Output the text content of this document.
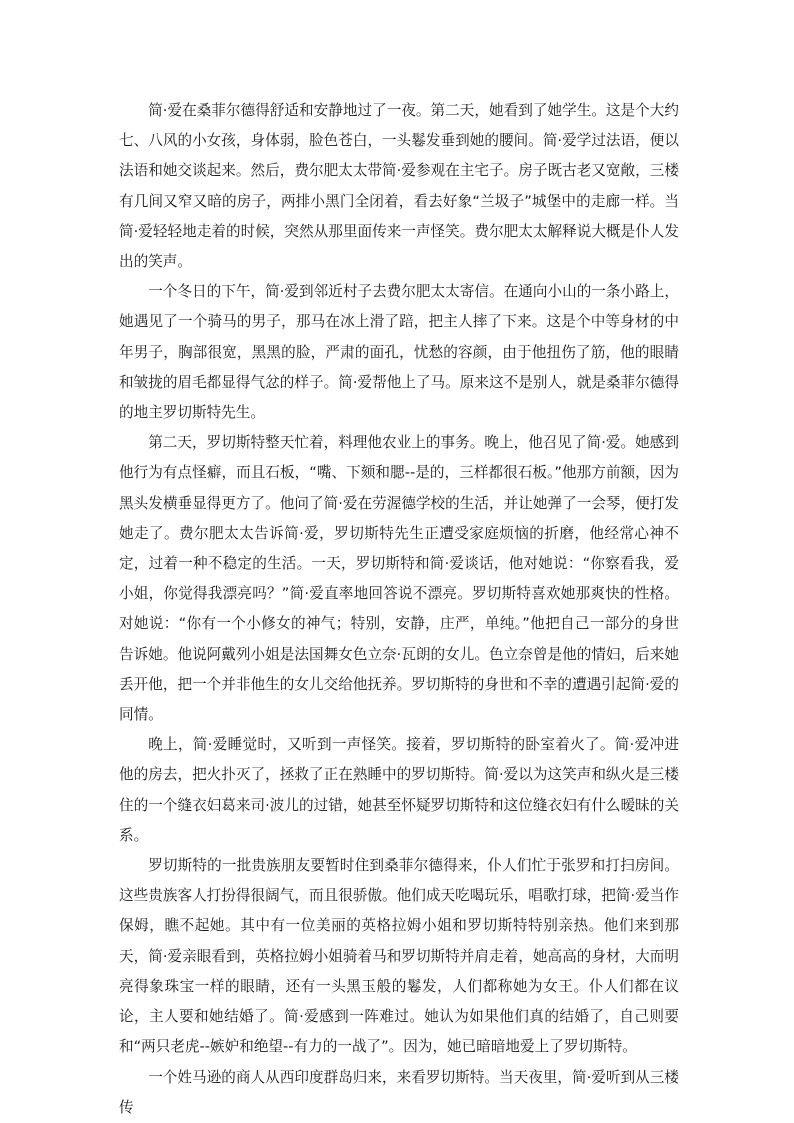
简·爱在桑菲尔德得舒适和安静地过了一夜。第二天，她看到了她学生。这是个大约七、八风的小女孩，身体弱，脸色苍白，一头鬈发垂到她的腰间。简·爱学过法语，便以法语和她交谈起来。然后，费尔肥太太带简·爱参观在主宅子。房子既古老又宽敞，三楼有几间又窄又暗的房子，两排小黑门全闭着，看去好象“兰圾子”城堡中的走廊一样。当简·爱轻轻地走着的时候，突然从那里面传来一声怪笑。费尔肥太太解释说大概是仆人发出的笑声。

一个冬日的下午，简·爱到邻近村子去费尔肥太太寄信。在通向小山的一条小路上，她遇见了一个骑马的男子，那马在冰上滑了踣，把主人摔了下来。这是个中等身材的中年男子，胸部很宽，黑黑的脸，严肃的面孔，忧愁的容颜，由于他扭伤了筋，他的眼睛和皱拢的眉毛都显得气忿的样子。简·爱帮他上了马。原来这不是别人，就是桑菲尔德得的地主罗切斯特先生。

第二天，罗切斯特整天忙着，料理他农业上的事务。晚上，他召见了简·爱。她感到他行为有点怪癖，而且石板，“嘴、下颏和腮--是的，三样都很石板。”他那方前额，因为黑头发横垂显得更方了。他问了简·爱在劳渥德学校的生活，并让她弹了一会琴，便打发她走了。费尔肥太太告诉简·爱，罗切斯特先生正遭受家庭烦恼的折磨，他经常心神不定，过着一种不稳定的生活。一天，罗切斯特和简·爱谈话，他对她说：“你察看我，爱小姐，你觉得我漂亮吗？”简·爱直率地回答说不漂亮。罗切斯特喜欢她那爽快的性格。对她说：“你有一个小修女的神气；特别，安静，庄严，单纯。”他把自己一部分的身世告诉她。他说阿戴列小姐是法国舞女色立奈·瓦朗的女儿。色立奈曾是他的情妇，后来她丢开他，把一个并非他生的女儿交给他抚养。罗切斯特的身世和不幸的遭遇引起简·爱的同情。

晚上，简·爱睡觉时，又听到一声怪笑。接着，罗切斯特的卧室着火了。简·爱冲进他的房去，把火扑灭了，拯救了正在熟睡中的罗切斯特。简·爱以为这笑声和纵火是三楼住的一个缝衣妇葛来司·波儿的过错，她甚至怀疑罗切斯特和这位缝衣妇有什么暧昧的关系。

罗切斯特的一批贵族朋友要暂时住到桑菲尔德得来，仆人们忙于张罗和打扫房间。这些贵族客人打扮得很阔气，而且很骄傲。他们成天吃喝玩乐，唱歌打球，把简·爱当作保姆，瞧不起她。其中有一位美丽的英格拉姆小姐和罗切斯特特别亲热。他们来到那天，简·爱亲眼看到，英格拉姆小姐骑着马和罗切斯特并肩走着，她高高的身材，大而明亮得象珠宝一样的眼睛，还有一头黑玉般的鬈发，人们都称她为女王。仆人们都在议论，主人要和她结婚了。简·爱感到一阵难过。她认为如果他们真的结婚了，自己则要和“两只老虎--嫉妒和绝望--有力的一战了”。因为，她已暗暗地爱上了罗切斯特。

一个姓马逊的商人从西印度群岛归来，来看罗切斯特。当天夜里，简·爱听到从三楼传
